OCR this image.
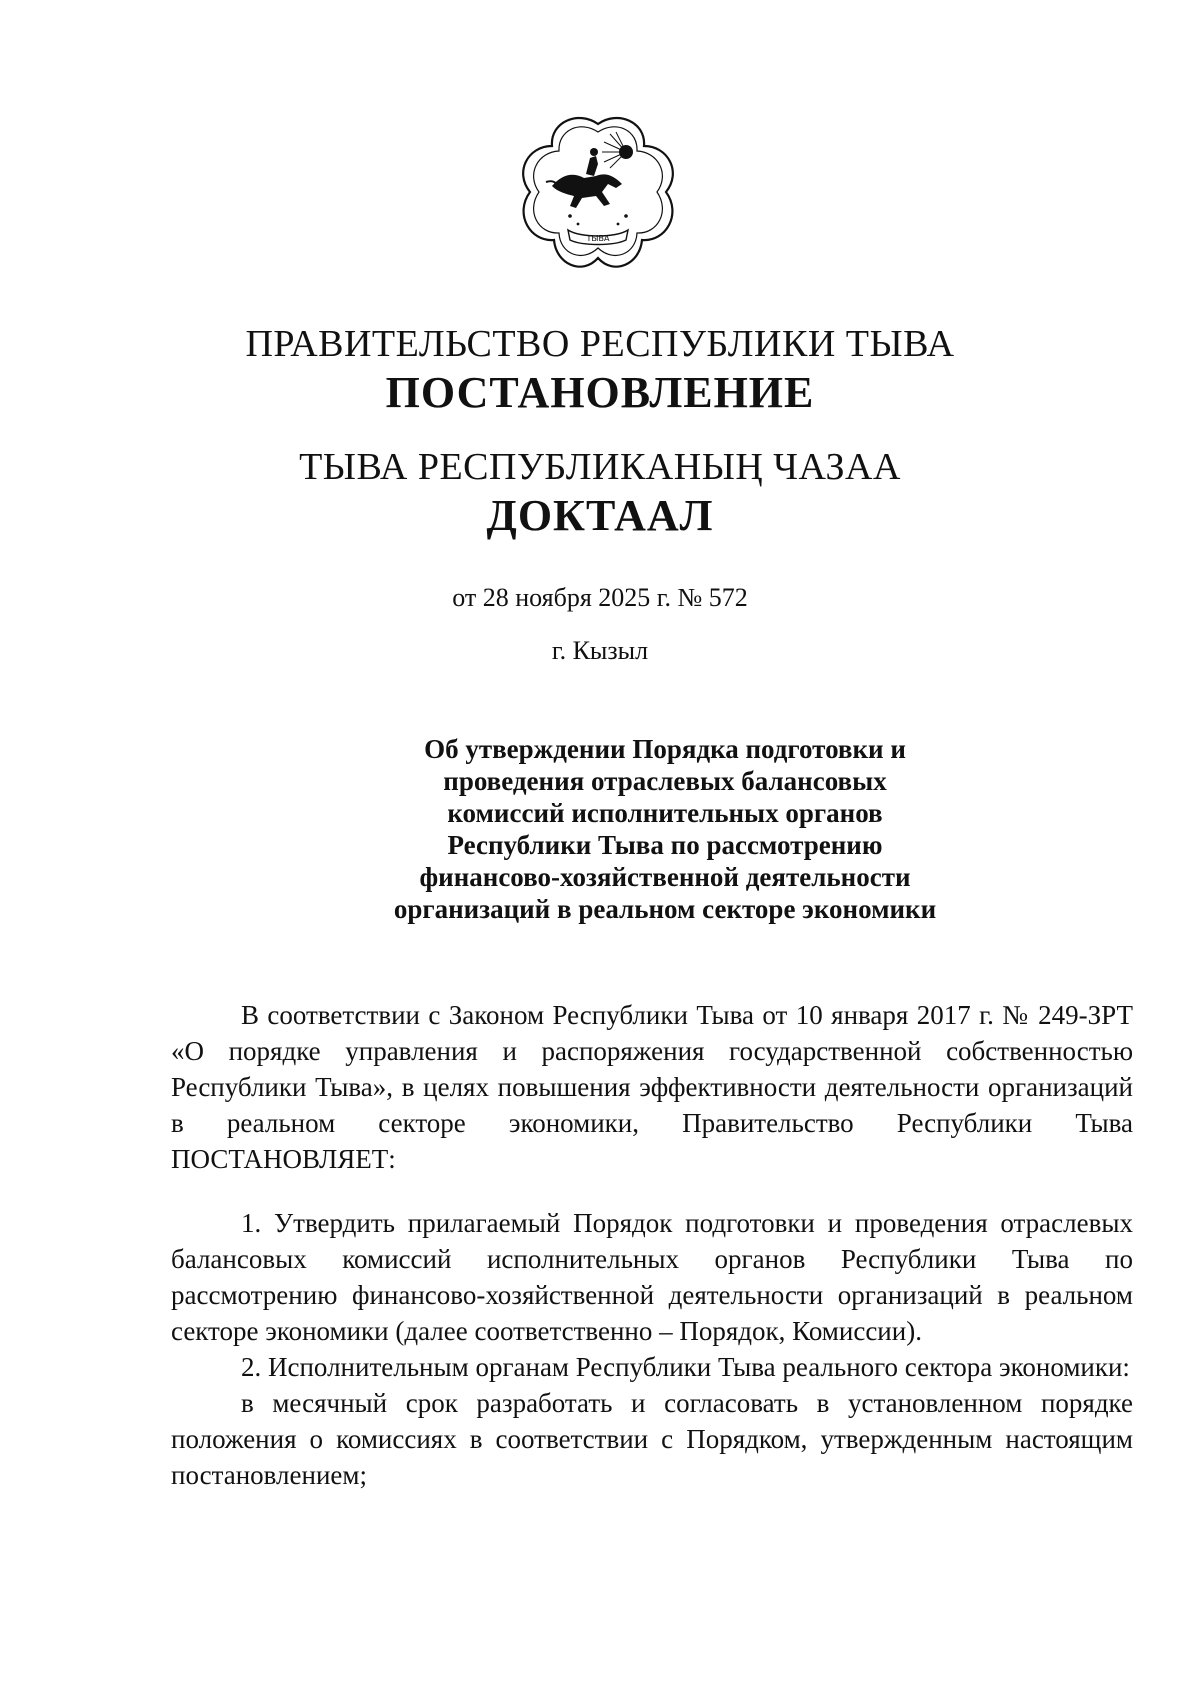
ТЫВА
ПРАВИТЕЛЬСТВО РЕСПУБЛИКИ ТЫВА
ПОСТАНОВЛЕНИЕ
ТЫВА РЕСПУБЛИКАНЫҢ ЧАЗАА
ДОКТААЛ
от 28 ноября 2025 г. № 572
г. Кызыл
Об утверждении Порядка подготовки и
проведения отраслевых балансовых
комиссий исполнительных органов
Республики Тыва по рассмотрению
финансово-хозяйственной деятельности
организаций в реальном секторе экономики

В соответствии с Законом Республики Тыва от 10 января 2017 г. № 249-ЗРТ «О порядке управления и распоряжения государственной собственностью Республики Тыва», в целях повышения эффективности деятельности организаций в реальном секторе экономики, Правительство Республики Тыва ПОСТАНОВЛЯЕТ:

1. Утвердить прилагаемый Порядок подготовки и проведения отраслевых балансовых комиссий исполнительных органов Республики Тыва по рассмотрению финансово-хозяйственной деятельности организаций в реальном секторе экономики (далее соответственно – Порядок, Комиссии).

2. Исполнительным органам Республики Тыва реального сектора экономики:

в месячный срок разработать и согласовать в установленном порядке положения о комиссиях в соответствии с Порядком, утвержденным настоящим постановлением;
